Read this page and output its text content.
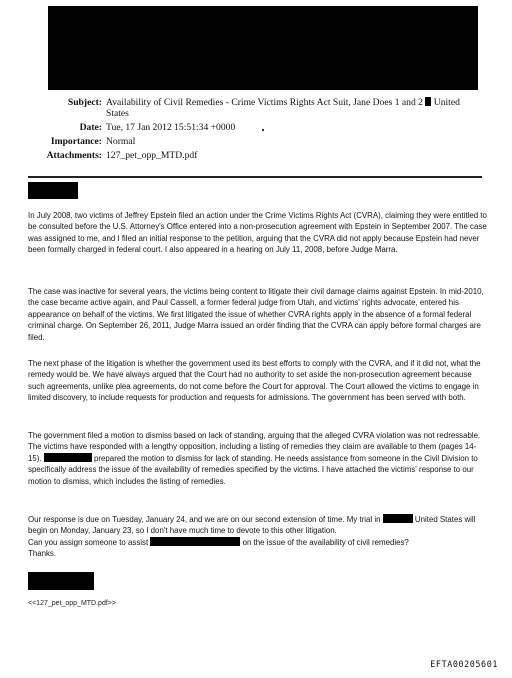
Subject: Availability of Civil Remedies - Crime Victims Rights Act Suit, Jane Does 1 and 2 United
States
Date: Tue, 17 Jan 2012 15:51:34 +0000
Importance: Normal
Attachments: 127_pet_opp_MTD.pdf

In July 2008, two victims of Jeffrey Epstein filed an action under the Crime Victims Rights Act (CVRA), claiming they were entitled to be consulted before the U.S. Attorney's Office entered into a non-prosecution agreement with Epstein in September 2007. The case was assigned to me, and I filed an initial response to the petition, arguing that the CVRA did not apply because Epstein had never been formally charged in federal court. I also appeared in a hearing on July 11, 2008, before Judge Marra.

The case was inactive for several years, the victims being content to litigate their civil damage claims against Epstein. In mid-2010, the case became active again, and Paul Cassell, a former federal judge from Utah, and victims' rights advocate, entered his appearance on behalf of the victims. We first litigated the issue of whether CVRA rights apply in the absence of a formal federal criminal charge. On September 26, 2011, Judge Marra issued an order finding that the CVRA can apply before formal charges are filed.

The next phase of the litigation is whether the government used its best efforts to comply with the CVRA, and if it did not, what the remedy would be. We have always argued that the Court had no authority to set aside the non-prosecution agreement because such agreements, unlike plea agreements, do not come before the Court for approval. The Court allowed the victims to engage in limited discovery, to include requests for production and requests for admissions. The government has been served with both.

The government filed a motion to dismiss based on lack of standing, arguing that the alleged CVRA violation was not redressable. The victims have responded with a lengthy opposition, including a listing of remedies they claim are available to them (pages 14-15).	prepared the motion to dismiss for lack of standing. He needs assistance from someone in the Civil Division to specifically address the issue of the availability of remedies specified by the victims. I have attached the victims' response to our motion to dismiss, which includes the listing of remedies.

Our response is due on Tuesday, January 24, and we are on our second extension of time. My trial in	United States will begin on Monday, January 23, so I don't have much time to devote to this other litigation.

Can you assign someone to assist	on the issue of the availability of civil remedies?

Thanks.

<<127_pet_opp_MTD.pdf>>
EFTA00205601
